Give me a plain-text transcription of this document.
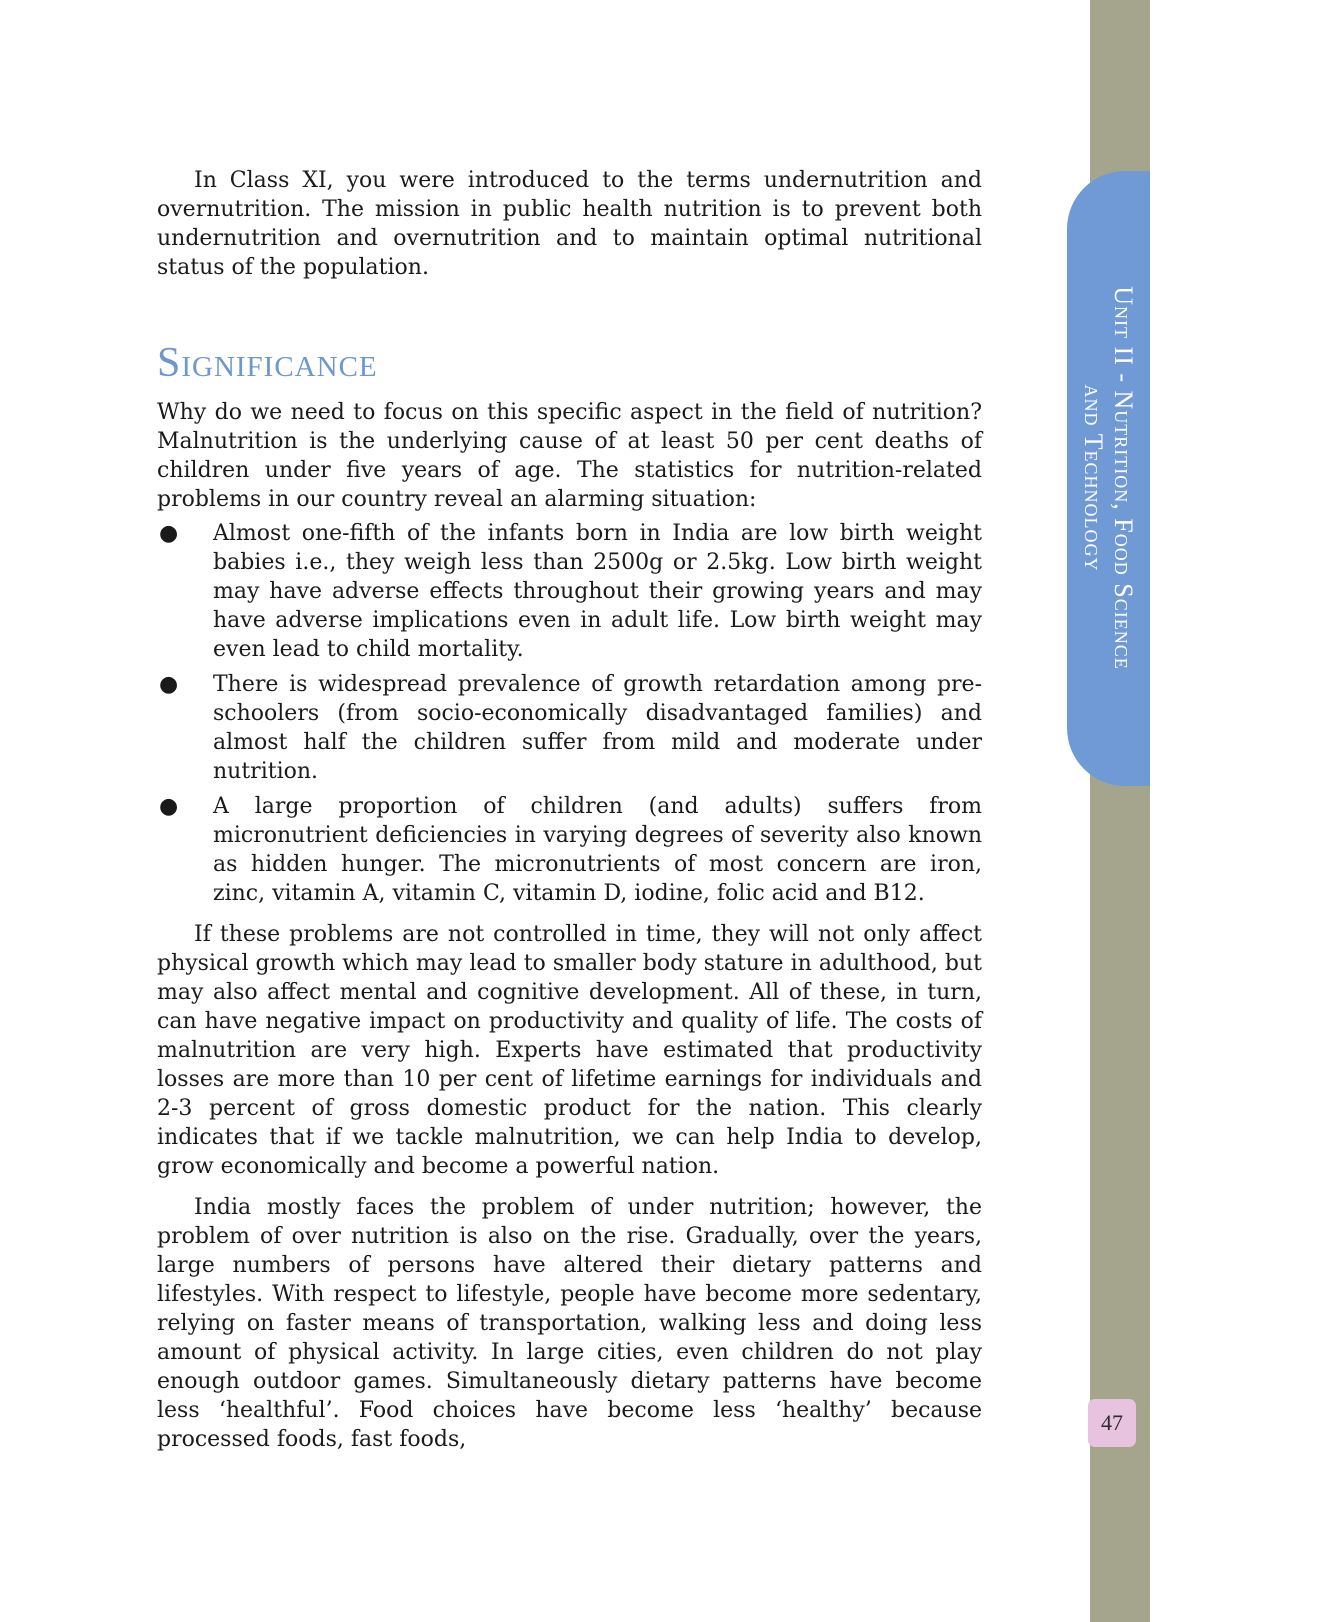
Unit II - Nutrition, Food Science
and Technology
47

In Class XI, you were introduced to the terms undernutrition and overnutrition. The mission in public health nutrition is to prevent both undernutrition and overnutrition and to maintain optimal nutritional status of the population.

Significance

Why do we need to focus on this specific aspect in the field of nutrition? Malnutrition is the underlying cause of at least 50 per cent deaths of children under five years of age. The statistics for nutrition-related problems in our country reveal an alarming situation:

● Almost one-fifth of the infants born in India are low birth weight babies i.e., they weigh less than 2500g or 2.5kg. Low birth weight may have adverse effects throughout their growing years and may have adverse implications even in adult life. Low birth weight may even lead to child mortality.
● There is widespread prevalence of growth retardation among pre-schoolers (from socio-economically disadvantaged families) and almost half the children suffer from mild and moderate under nutrition.
● A large proportion of children (and adults) suffers from micronutrient deficiencies in varying degrees of severity also known as hidden hunger. The micronutrients of most concern are iron, zinc, vitamin A, vitamin C, vitamin D, iodine, folic acid and B12.

If these problems are not controlled in time, they will not only affect physical growth which may lead to smaller body stature in adulthood, but may also affect mental and cognitive development. All of these, in turn, can have negative impact on productivity and quality of life. The costs of malnutrition are very high. Experts have estimated that productivity losses are more than 10 per cent of lifetime earnings for individuals and 2-3 percent of gross domestic product for the nation. This clearly indicates that if we tackle malnutrition, we can help India to develop, grow economically and become a powerful nation.

India mostly faces the problem of under nutrition; however, the problem of over nutrition is also on the rise. Gradually, over the years, large numbers of persons have altered their dietary patterns and lifestyles. With respect to lifestyle, people have become more sedentary, relying on faster means of transportation, walking less and doing less amount of physical activity. In large cities, even children do not play enough outdoor games. Simultaneously dietary patterns have become less ‘healthful’. Food choices have become less ‘healthy’ because processed foods, fast foods,
